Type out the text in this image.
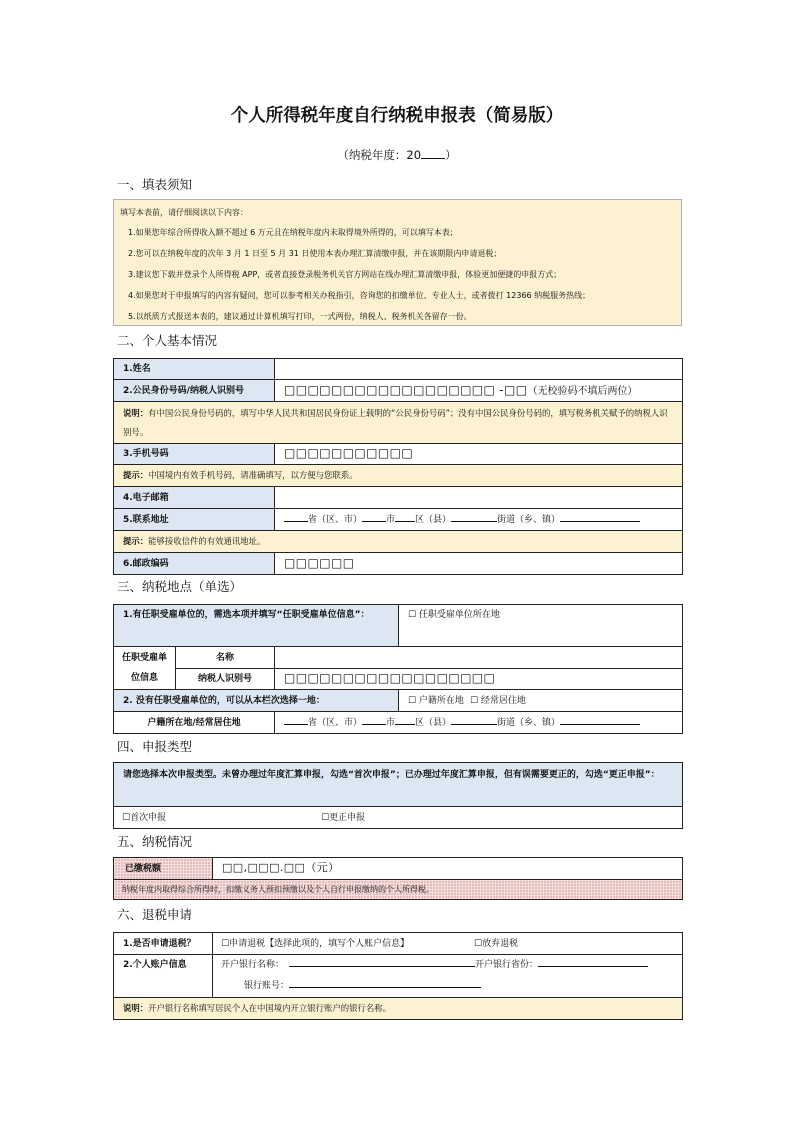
个人所得税年度自行纳税申报表（简易版）
（纳税年度：20 ）
一、填表须知
填写本表前，请仔细阅读以下内容：
1.如果您年综合所得收入额不超过 6 万元且在纳税年度内未取得境外所得的，可以填写本表；
2.您可以在纳税年度的次年 3 月 1 日至 5 月 31 日使用本表办理汇算清缴申报，并在该期限内申请退税；
3.建议您下载并登录个人所得税 APP，或者直接登录税务机关官方网站在线办理汇算清缴申报，体验更加便捷的申报方式；
4.如果您对于申报填写的内容有疑问，您可以参考相关办税指引，咨询您的扣缴单位、专业人士，或者拨打 12366 纳税服务热线；
5.以纸质方式报送本表的，建议通过计算机填写打印，一式两份，纳税人、税务机关各留存一份。
二、个人基本情况
1.姓名	
2.公民身份号码/纳税人识别号	□□□□□□□□□□□□□□□□□□ -□□（无校验码不填后两位）
说明：有中国公民身份号码的，填写中华人民共和国居民身份证上载明的“公民身份号码”；没有中国公民身份号码的，填写税务机关赋予的纳税人识别号。	
3.手机号码	□□□□□□□□□□□
提示：中国境内有效手机号码，请准确填写，以方便与您联系。	
4.电子邮箱	
5.联系地址	省（区、市） 市 区（县） 街道（乡、镇）
提示：能够接收信件的有效通讯地址。	
6.邮政编码	□□□□□□
三、纳税地点（单选）
1.有任职受雇单位的，需选本项并填写“任职受雇单位信息”：			☐ 任职受雇单位所在地
任职受雇单位信息	名称		
	纳税人识别号	□□□□□□□□□□□□□□□□□□	
2. 没有任职受雇单位的，可以从本栏次选择一地：			☐ 户籍所在地 ☐ 经常居住地
户籍所在地/经常居住地		省（区、市） 市 区（县） 街道（乡、镇）	
四、申报类型
请您选择本次申报类型。未曾办理过年度汇算申报，勾选“首次申报”；已办理过年度汇算申报，但有误需要更正的，勾选“更正申报”：
☐首次申报	☐更正申报
五、纳税情况
已缴税额	□□,□□□.□□（元）
纳税年度内取得综合所得时，扣缴义务人预扣预缴以及个人自行申报缴纳的个人所得税。
六、退税申请
1.是否申请退税？	☐申请退税【选择此项的，填写个人账户信息】 ☐放弃退税
2.个人账户信息	开户银行名称： 开户银行省份：
银行账号：

说明：开户银行名称填写居民个人在中国境内开立银行账户的银行名称。	
